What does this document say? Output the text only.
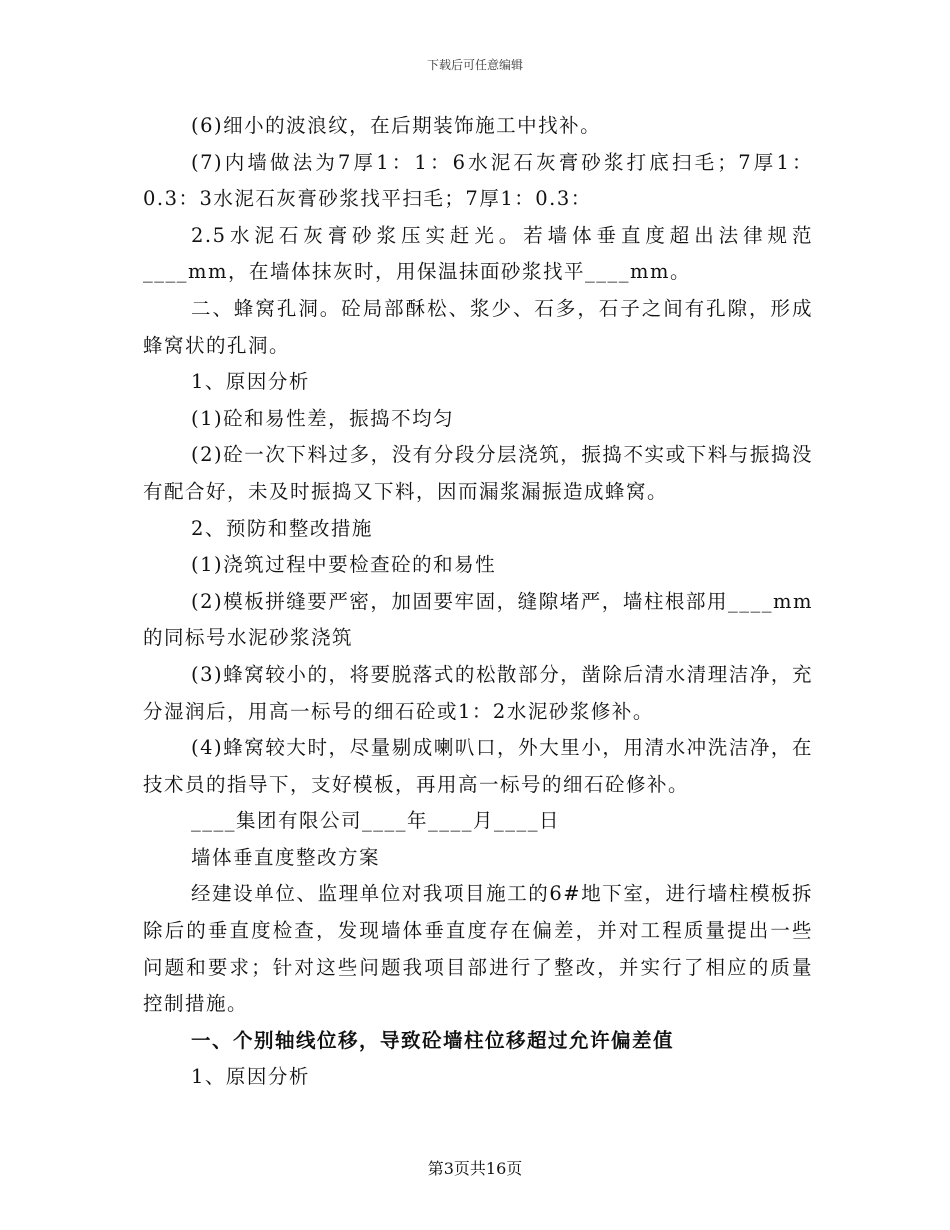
下载后可任意编辑

(6)细小的波浪纹，在后期装饰施工中找补。

(7)内墙做法为7厚1：1：6水泥石灰膏砂浆打底扫毛；7厚1：0.3：3水泥石灰膏砂浆找平扫毛；7厚1：0.3：

2.5水泥石灰膏砂浆压实赶光。若墙体垂直度超出法律规范____mm，在墙体抹灰时，用保温抹面砂浆找平____mm。

二、蜂窝孔洞。砼局部酥松、浆少、石多，石子之间有孔隙，形成蜂窝状的孔洞。

1、原因分析

(1)砼和易性差，振捣不均匀

(2)砼一次下料过多，没有分段分层浇筑，振捣不实或下料与振捣没有配合好，未及时振捣又下料，因而漏浆漏振造成蜂窝。

2、预防和整改措施

(1)浇筑过程中要检查砼的和易性

(2)模板拼缝要严密，加固要牢固，缝隙堵严，墙柱根部用____mm的同标号水泥砂浆浇筑

(3)蜂窝较小的，将要脱落式的松散部分，凿除后清水清理洁净，充分湿润后，用高一标号的细石砼或1：2水泥砂浆修补。

(4)蜂窝较大时，尽量剔成喇叭口，外大里小，用清水冲洗洁净，在技术员的指导下，支好模板，再用高一标号的细石砼修补。

____集团有限公司____年____月____日

墙体垂直度整改方案

经建设单位、监理单位对我项目施工的6#地下室，进行墙柱模板拆除后的垂直度检查，发现墙体垂直度存在偏差，并对工程质量提出一些问题和要求；针对这些问题我项目部进行了整改，并实行了相应的质量控制措施。

一、个别轴线位移，导致砼墙柱位移超过允许偏差值

1、原因分析

第3页共16页
